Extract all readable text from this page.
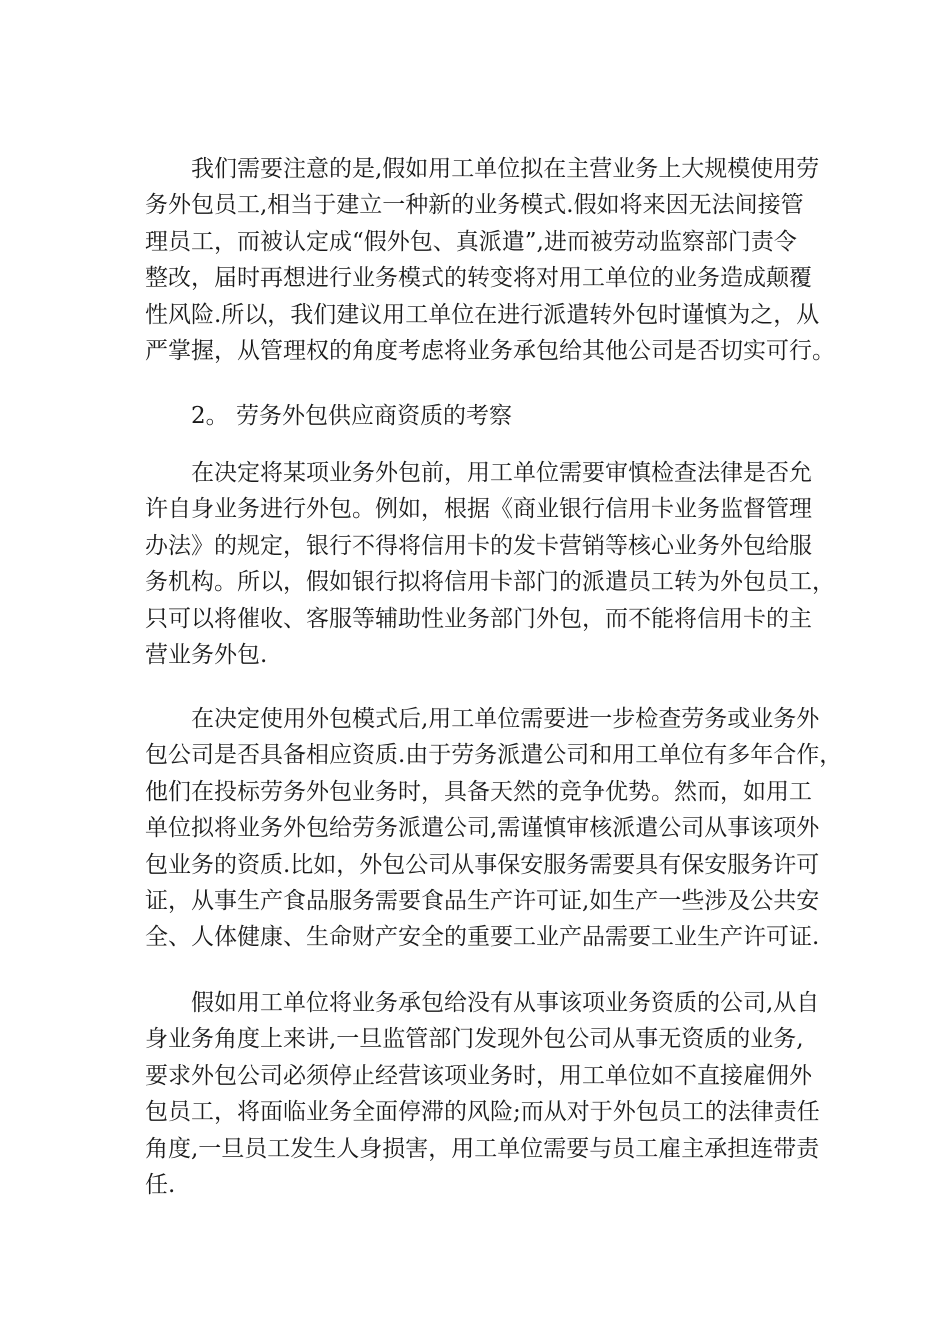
我们需要注意的是,假如用工单位拟在主营业务上大规模使用劳
务外包员工,相当于建立一种新的业务模式.假如将来因无法间接管
理员工，而被认定成“假外包、真派遣”,进而被劳动监察部门责令
整改，届时再想进行业务模式的转变将对用工单位的业务造成颠覆
性风险.所以，我们建议用工单位在进行派遣转外包时谨慎为之，从
严掌握，从管理权的角度考虑将业务承包给其他公司是否切实可行。
2。 劳务外包供应商资质的考察
在决定将某项业务外包前，用工单位需要审慎检查法律是否允
许自身业务进行外包。例如，根据《商业银行信用卡业务监督管理
办法》的规定，银行不得将信用卡的发卡营销等核心业务外包给服
务机构。所以，假如银行拟将信用卡部门的派遣员工转为外包员工，
只可以将催收、客服等辅助性业务部门外包，而不能将信用卡的主
营业务外包.
在决定使用外包模式后,用工单位需要进一步检查劳务或业务外
包公司是否具备相应资质.由于劳务派遣公司和用工单位有多年合作，
他们在投标劳务外包业务时，具备天然的竞争优势。然而，如用工
单位拟将业务外包给劳务派遣公司,需谨慎审核派遣公司从事该项外
包业务的资质.比如，外包公司从事保安服务需要具有保安服务许可
证，从事生产食品服务需要食品生产许可证,如生产一些涉及公共安
全、人体健康、生命财产安全的重要工业产品需要工业生产许可证.
假如用工单位将业务承包给没有从事该项业务资质的公司,从自
身业务角度上来讲,一旦监管部门发现外包公司从事无资质的业务,
要求外包公司必须停止经营该项业务时，用工单位如不直接雇佣外
包员工，将面临业务全面停滞的风险;而从对于外包员工的法律责任
角度,一旦员工发生人身损害，用工单位需要与员工雇主承担连带责
任.
